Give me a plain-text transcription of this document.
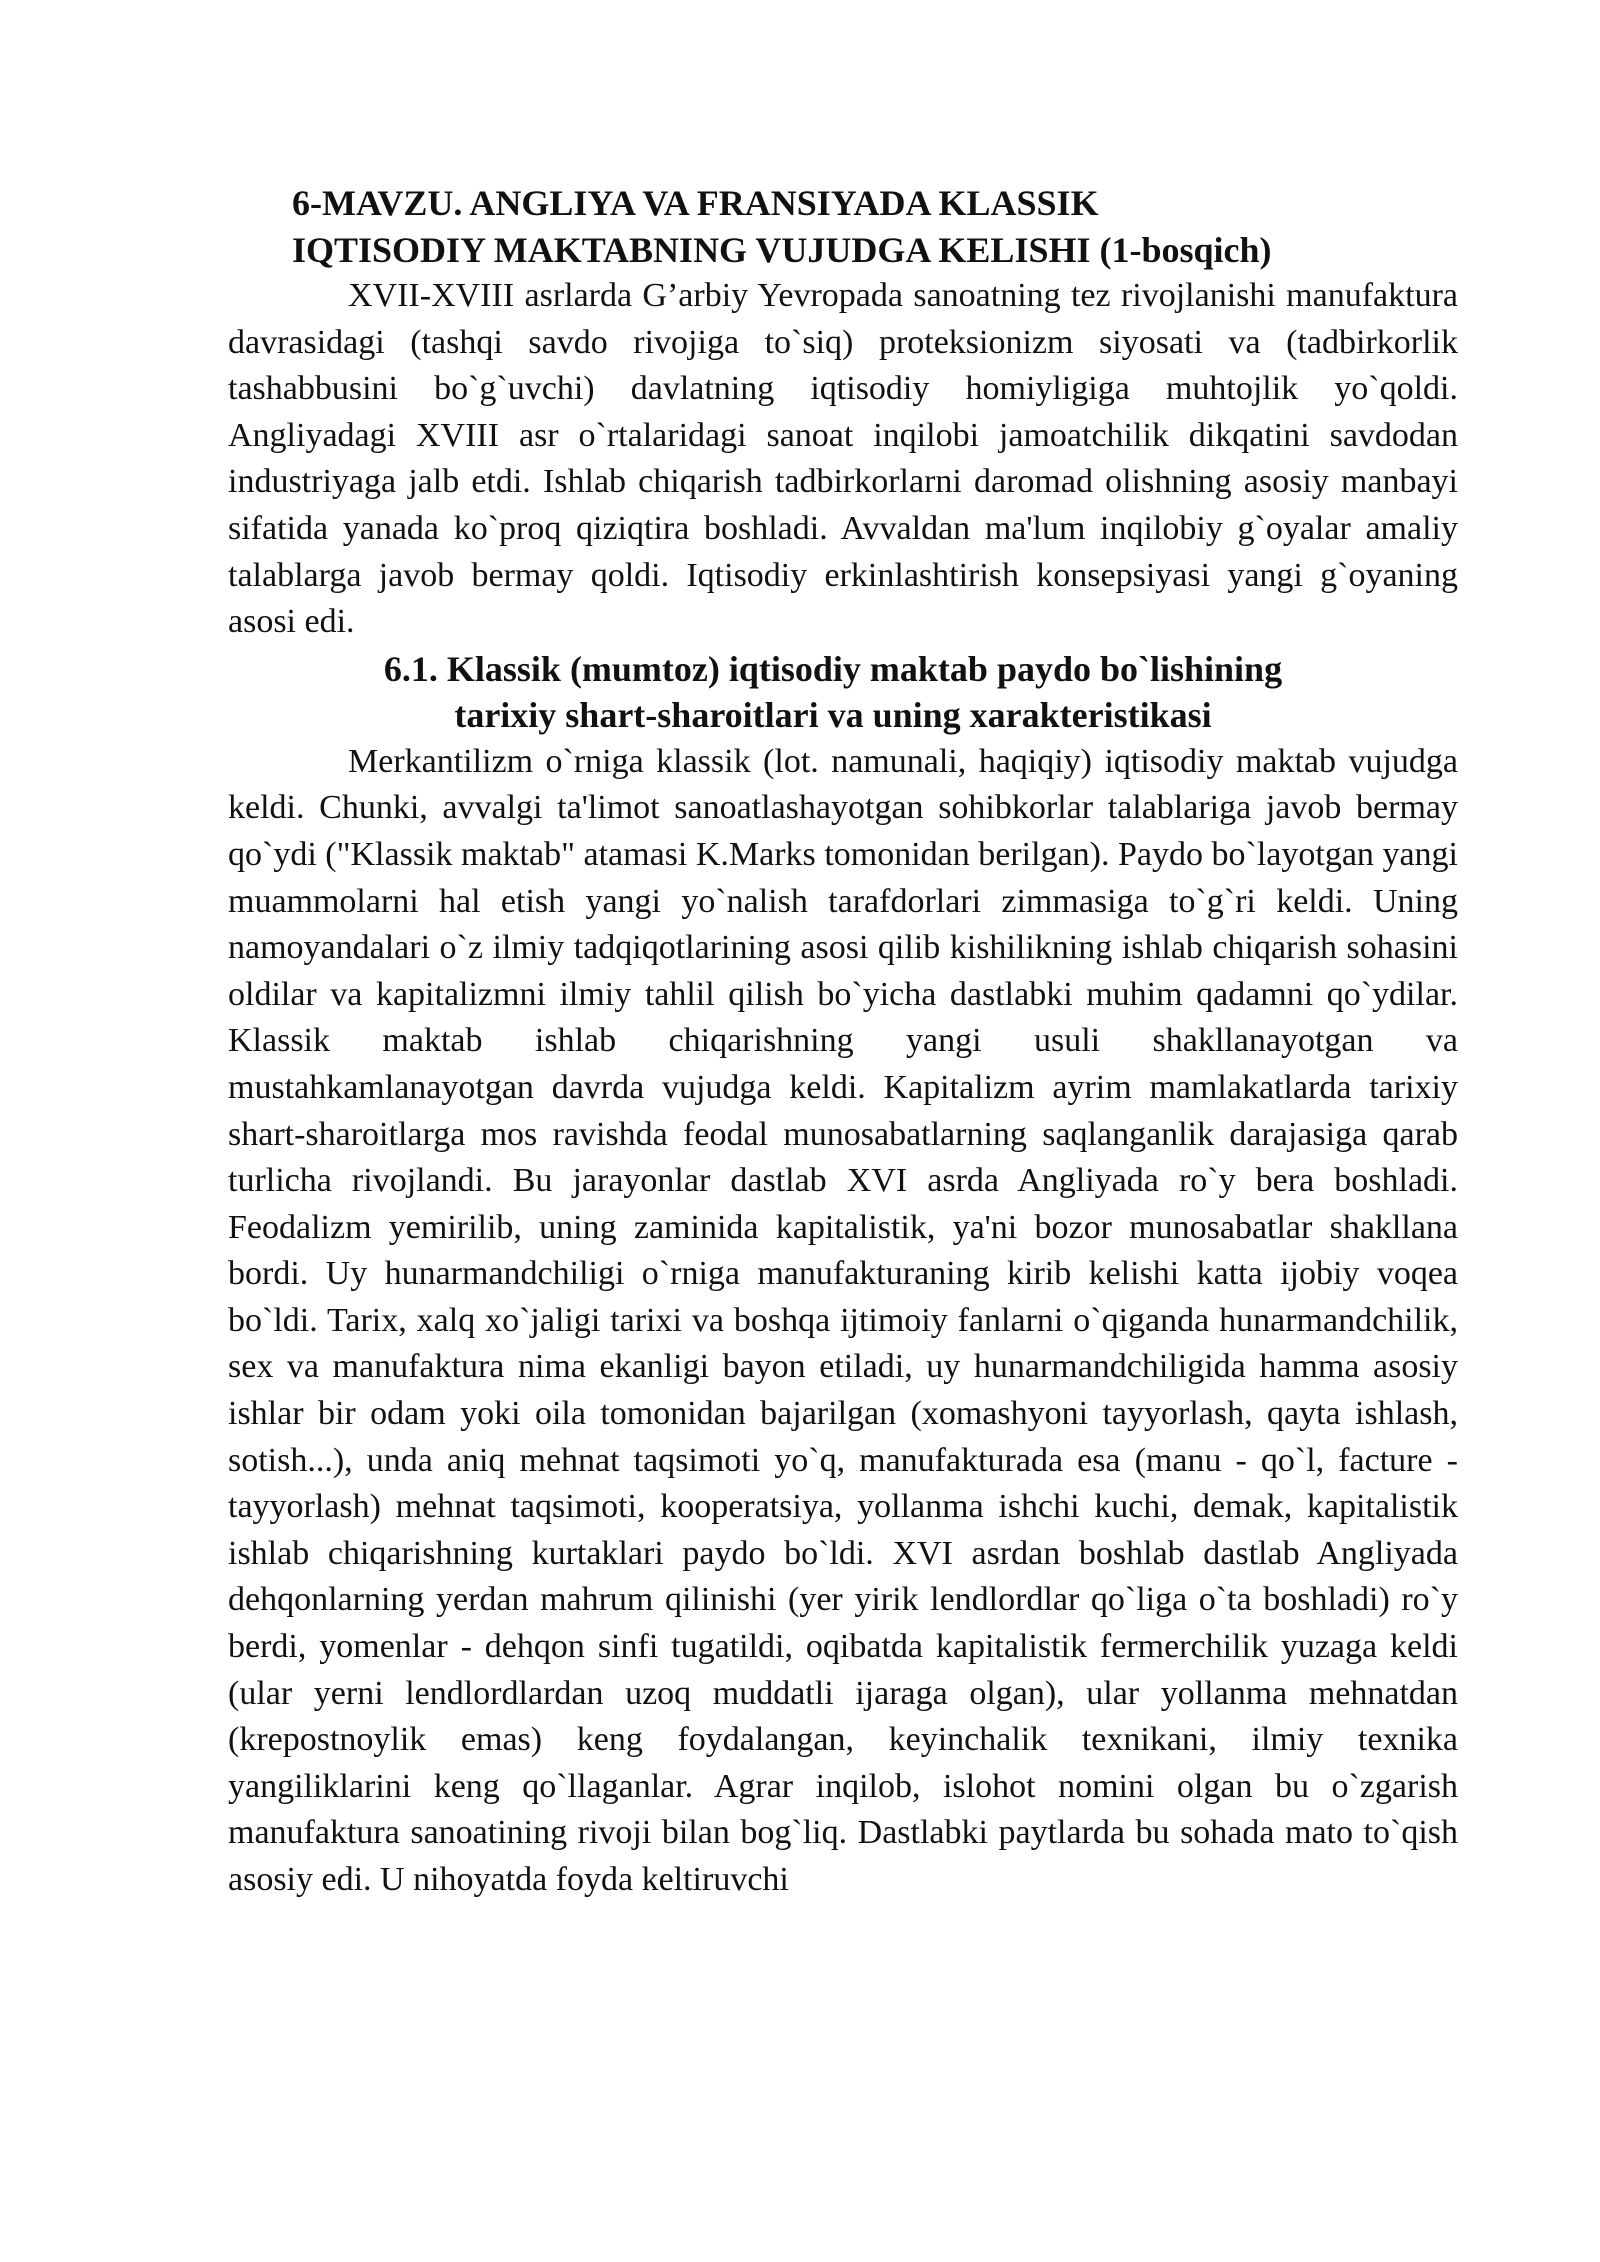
6-MAVZU. ANGLIYA VA FRANSIYADA KLASSIK IQTISODIY MAKTABNING VUJUDGA KELISHI (1-bosqich)

XVII-XVIII asrlarda G’arbiy Yevropada sanoatning tez rivojlanishi manufaktura davrasidagi (tashqi savdo rivojiga to`siq) proteksionizm siyosati va (tadbirkorlik tashabbusini bo`g`uvchi) davlatning iqtisodiy homiyligiga muhtojlik yo`qoldi. Angliyadagi XVIII asr o`rtalaridagi sanoat inqilobi jamoatchilik dikqatini savdodan industriyaga jalb etdi. Ishlab chiqarish tadbirkorlarni daromad olishning asosiy manbayi sifatida yanada ko`proq qiziqtira boshladi. Avvaldan ma'lum inqilobiy g`oyalar amaliy talablarga javob bermay qoldi. Iqtisodiy erkinlashtirish konsepsiyasi yangi g`oyaning asosi edi.

6.1. Klassik (mumtoz) iqtisodiy maktab paydo bo`lishining
tarixiy shart-sharoitlari va uning xarakteristikasi

Merkantilizm o`rniga klassik (lot. namunali, haqiqiy) iqtisodiy maktab vujudga keldi. Chunki, avvalgi ta'limot sanoatlashayotgan sohibkorlar talablariga javob bermay qo`ydi ("Klassik maktab" atamasi K.Marks tomonidan berilgan). Paydo bo`layotgan yangi muammolarni hal etish yangi yo`nalish tarafdorlari zimmasiga to`g`ri keldi. Uning namoyandalari o`z ilmiy tadqiqotlarining asosi qilib kishilikning ishlab chiqarish sohasini oldilar va kapitalizmni ilmiy tahlil qilish bo`yicha dastlabki muhim qadamni qo`ydilar. Klassik maktab ishlab chiqarishning yangi usuli shakllanayotgan va mustahkamlanayotgan davrda vujudga keldi. Kapitalizm ayrim mamlakatlarda tarixiy shart-sharoitlarga mos ravishda feodal munosabatlarning saqlanganlik darajasiga qarab turlicha rivojlandi. Bu jarayonlar dastlab XVI asrda Angliyada ro`y bera boshladi. Feodalizm yemirilib, uning zaminida kapitalistik, ya'ni bozor munosabatlar shakllana bordi. Uy hunarmandchiligi o`rniga manufakturaning kirib kelishi katta ijobiy voqea bo`ldi. Tarix, xalq xo`jaligi tarixi va boshqa ijtimoiy fanlarni o`qiganda hunarmandchilik, sex va manufaktura nima ekanligi bayon etiladi, uy hunarmandchiligida hamma asosiy ishlar bir odam yoki oila tomonidan bajarilgan (xomashyoni tayyorlash, qayta ishlash, sotish...), unda aniq mehnat taqsimoti yo`q, manufakturada esa (manu - qo`l, facture - tayyorlash) mehnat taqsimoti, kooperatsiya, yollanma ishchi kuchi, demak, kapitalistik ishlab chiqarishning kurtaklari paydo bo`ldi. XVI asrdan boshlab dastlab Angliyada dehqonlarning yerdan mahrum qilinishi (yer yirik lendlordlar qo`liga o`ta boshladi) ro`y berdi, yomenlar - dehqon sinfi tugatildi, oqibatda kapitalistik fermerchilik yuzaga keldi (ular yerni lendlordlardan uzoq muddatli ijaraga olgan), ular yollanma mehnatdan (krepostnoylik emas) keng foydalangan, keyinchalik texnikani, ilmiy texnika yangiliklarini keng qo`llaganlar. Agrar inqilob, islohot nomini olgan bu o`zgarish manufaktura sanoatining rivoji bilan bog`liq. Dastlabki paytlarda bu sohada mato to`qish asosiy edi. U nihoyatda foyda keltiruvchi
